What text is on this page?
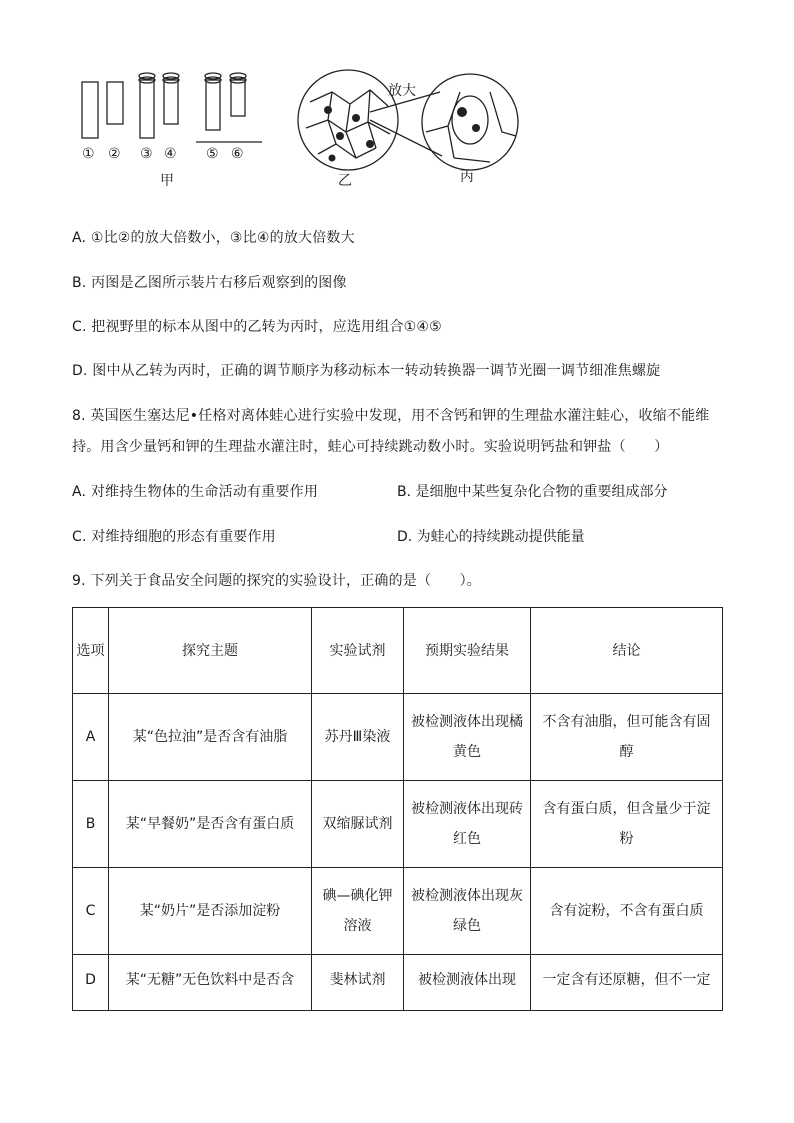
① ② ③ ④ ⑤ ⑥
甲	乙	丙
放大
A. ①比②的放大倍数小，③比④的放大倍数大
B. 丙图是乙图所示装片右移后观察到的图像
C. 把视野里的标本从图中的乙转为丙时，应选用组合①④⑤
D. 图中从乙转为丙时，正确的调节顺序为移动标本一转动转换器一调节光圈一调节细准焦螺旋
8. 英国医生塞达尼•任格对离体蛙心进行实验中发现，用不含钙和钾的生理盐水灌注蛙心，收缩不能维
持。用含少量钙和钾的生理盐水灌注时，蛙心可持续跳动数小时。实验说明钙盐和钾盐（　　）
A. 对维持生物体的生命活动有重要作用	B. 是细胞中某些复杂化合物的重要组成部分
C. 对维持细胞的形态有重要作用	D. 为蛙心的持续跳动提供能量
9. 下列关于食品安全问题的探究的实验设计，正确的是（　　）。
选项	探究主题	实验试剂	预期实验结果	结论
A	某“色拉油”是否含有油脂	苏丹Ⅲ染液	被检测液体出现橘黄色	不含有油脂，但可能含有固醇
B	某“早餐奶”是否含有蛋白质	双缩脲试剂	被检测液体出现砖红色	含有蛋白质，但含量少于淀粉
C	某“奶片”是否添加淀粉	碘—碘化钾溶液	被检测液体出现灰绿色	含有淀粉，不含有蛋白质
D	某“无糖”无色饮料中是否含	斐林试剂	被检测液体出现	一定含有还原糖，但不一定
